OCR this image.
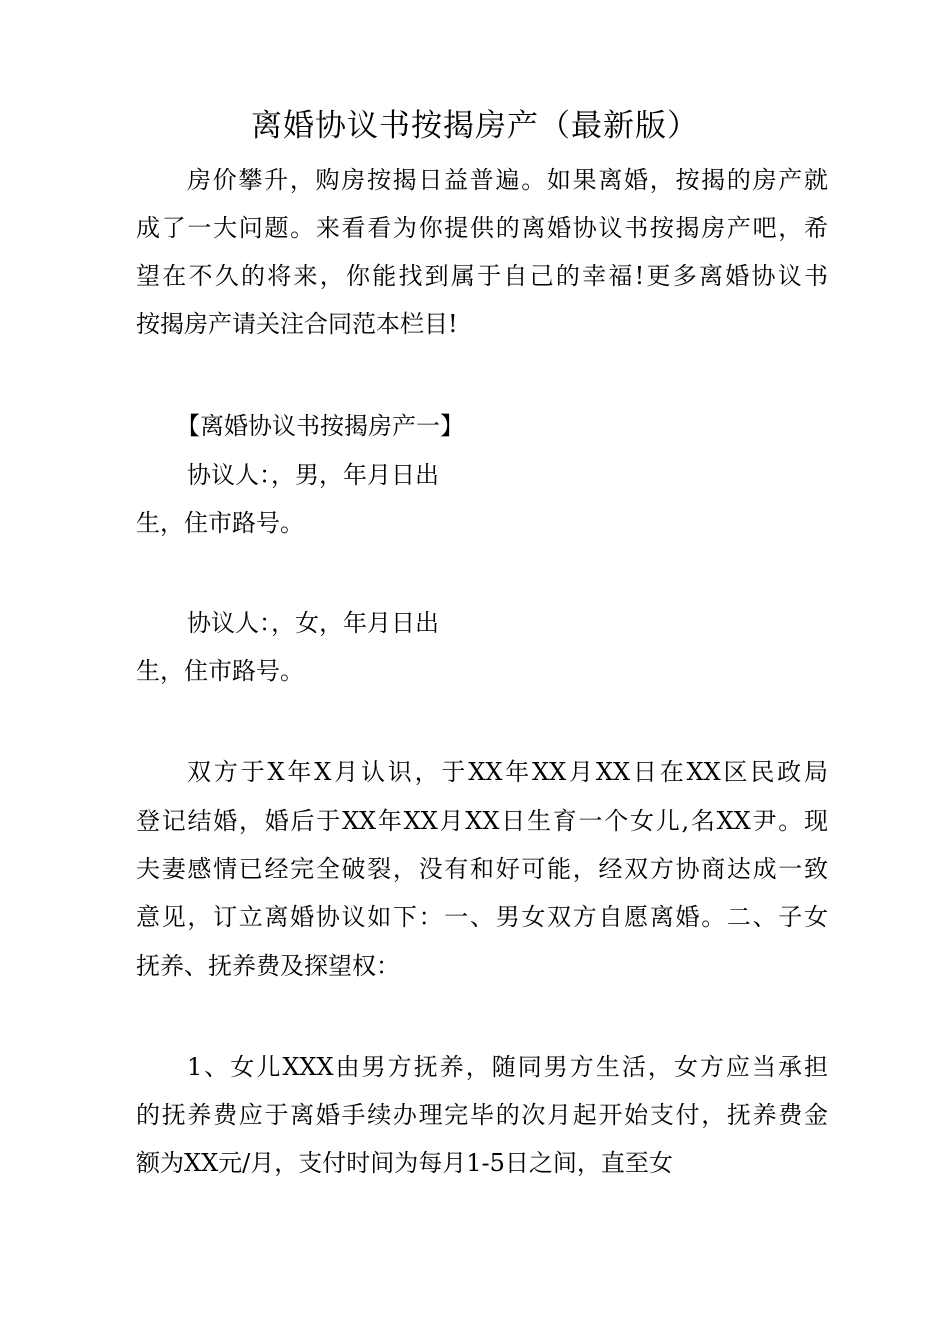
离婚协议书按揭房产（最新版）
房价攀升，购房按揭日益普遍。如果离婚，按揭的房产就
成了一大问题。来看看为你提供的离婚协议书按揭房产吧，希
望在不久的将来，你能找到属于自己的幸福!更多离婚协议书
按揭房产请关注合同范本栏目!
【离婚协议书按揭房产一】
协议人：，男，年月日出
生，住市路号。
协议人：，女，年月日出
生，住市路号。
双方于X年X月认识，于XX年XX月XX日在XX区民政局
登记结婚，婚后于XX年XX月XX日生育一个女儿,名XX尹。现
夫妻感情已经完全破裂，没有和好可能，经双方协商达成一致
意见，订立离婚协议如下：一、男女双方自愿离婚。二、子女
抚养、抚养费及探望权：
1、女儿XXX由男方抚养，随同男方生活，女方应当承担
的抚养费应于离婚手续办理完毕的次月起开始支付，抚养费金
额为XX元/月，支付时间为每月1-5日之间，直至女
